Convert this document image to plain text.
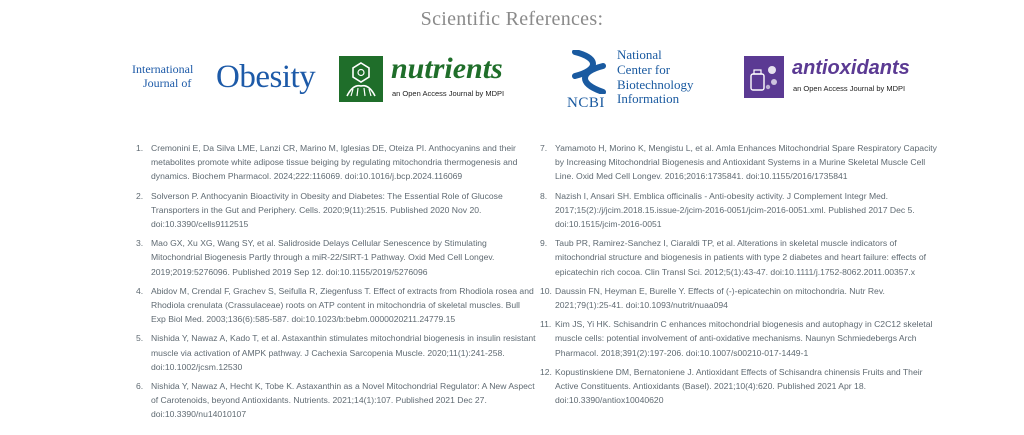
Scientific References:
International
Journal of Obesity	nutrients
an Open Access Journal by MDPI
NCBI
National
Center for
Biotechnology
Information
antioxidants
an Open Access Journal by MDPI
1. Cremonini E, Da Silva LME, Lanzi CR, Marino M, Iglesias DE, Oteiza PI. Anthocyanins and their metabolites promote white adipose tissue beiging by regulating mitochondria thermogenesis and dynamics. Biochem Pharmacol. 2024;222:116069. doi:10.1016/j.bcp.2024.116069
2. Solverson P. Anthocyanin Bioactivity in Obesity and Diabetes: The Essential Role of Glucose Transporters in the Gut and Periphery. Cells. 2020;9(11):2515. Published 2020 Nov 20. doi:10.3390/cells9112515
3. Mao GX, Xu XG, Wang SY, et al. Salidroside Delays Cellular Senescence by Stimulating Mitochondrial Biogenesis Partly through a miR-22/SIRT-1 Pathway. Oxid Med Cell Longev. 2019;2019:5276096. Published 2019 Sep 12. doi:10.1155/2019/5276096
4. Abidov M, Crendal F, Grachev S, Seifulla R, Ziegenfuss T. Effect of extracts from Rhodiola rosea and Rhodiola crenulata (Crassulaceae) roots on ATP content in mitochondria of skeletal muscles. Bull Exp Biol Med. 2003;136(6):585-587. doi:10.1023/b:bebm.0000020211.24779.15
5. Nishida Y, Nawaz A, Kado T, et al. Astaxanthin stimulates mitochondrial biogenesis in insulin resistant muscle via activation of AMPK pathway. J Cachexia Sarcopenia Muscle. 2020;11(1):241-258. doi:10.1002/jcsm.12530
6. Nishida Y, Nawaz A, Hecht K, Tobe K. Astaxanthin as a Novel Mitochondrial Regulator: A New Aspect of Carotenoids, beyond Antioxidants. Nutrients. 2021;14(1):107. Published 2021 Dec 27. doi:10.3390/nu14010107
7. Yamamoto H, Morino K, Mengistu L, et al. Amla Enhances Mitochondrial Spare Respiratory Capacity by Increasing Mitochondrial Biogenesis and Antioxidant Systems in a Murine Skeletal Muscle Cell Line. Oxid Med Cell Longev. 2016;2016:1735841. doi:10.1155/2016/1735841
8. Nazish I, Ansari SH. Emblica officinalis - Anti-obesity activity. J Complement Integr Med. 2017;15(2):/j/jcim.2018.15.issue-2/jcim-2016-0051/jcim-2016-0051.xml. Published 2017 Dec 5. doi:10.1515/jcim-2016-0051
9. Taub PR, Ramirez-Sanchez I, Ciaraldi TP, et al. Alterations in skeletal muscle indicators of mitochondrial structure and biogenesis in patients with type 2 diabetes and heart failure: effects of epicatechin rich cocoa. Clin Transl Sci. 2012;5(1):43-47. doi:10.1111/j.1752-8062.2011.00357.x
10. Daussin FN, Heyman E, Burelle Y. Effects of (-)-epicatechin on mitochondria. Nutr Rev. 2021;79(1):25-41. doi:10.1093/nutrit/nuaa094
11. Kim JS, Yi HK. Schisandrin C enhances mitochondrial biogenesis and autophagy in C2C12 skeletal muscle cells: potential involvement of anti-oxidative mechanisms. Naunyn Schmiedebergs Arch Pharmacol. 2018;391(2):197-206. doi:10.1007/s00210-017-1449-1
12. Kopustinskiene DM, Bernatoniene J. Antioxidant Effects of Schisandra chinensis Fruits and Their Active Constituents. Antioxidants (Basel). 2021;10(4):620. Published 2021 Apr 18. doi:10.3390/antiox10040620
